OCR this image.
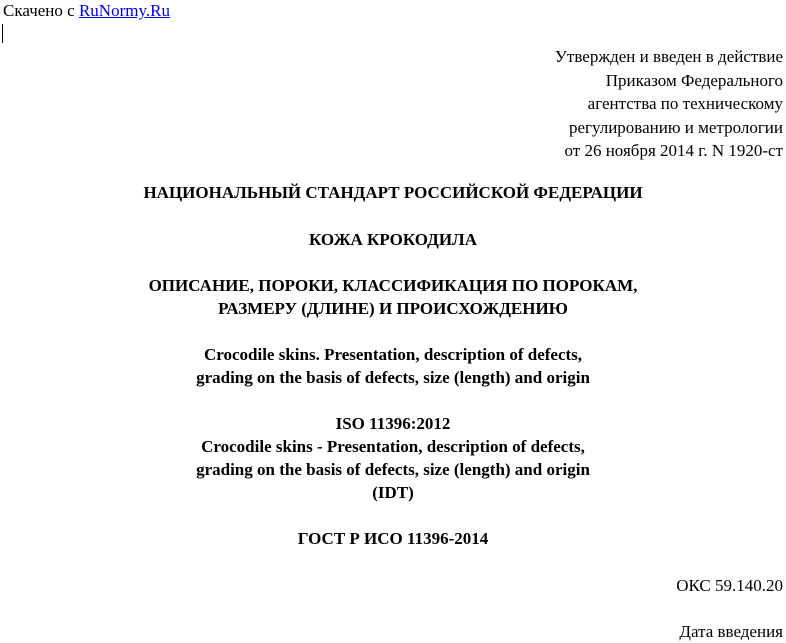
Скачено с RuNormy.Ru
Утвержден и введен в действие
Приказом Федерального
агентства по техническому
регулированию и метрологии
от 26 ноября 2014 г. N 1920-ст
НАЦИОНАЛЬНЫЙ СТАНДАРТ РОССИЙСКОЙ ФЕДЕРАЦИИ
КОЖА КРОКОДИЛА
ОПИСАНИЕ, ПОРОКИ, КЛАССИФИКАЦИЯ ПО ПОРОКАМ,
РАЗМЕРУ (ДЛИНЕ) И ПРОИСХОЖДЕНИЮ
Crocodile skins. Presentation, description of defects,
grading on the basis of defects, size (length) and origin
ISO 11396:2012
Crocodile skins - Presentation, description of defects,
grading on the basis of defects, size (length) and origin
(IDT)
ГОСТ Р ИСО 11396-2014
ОКС 59.140.20
Дата введения
